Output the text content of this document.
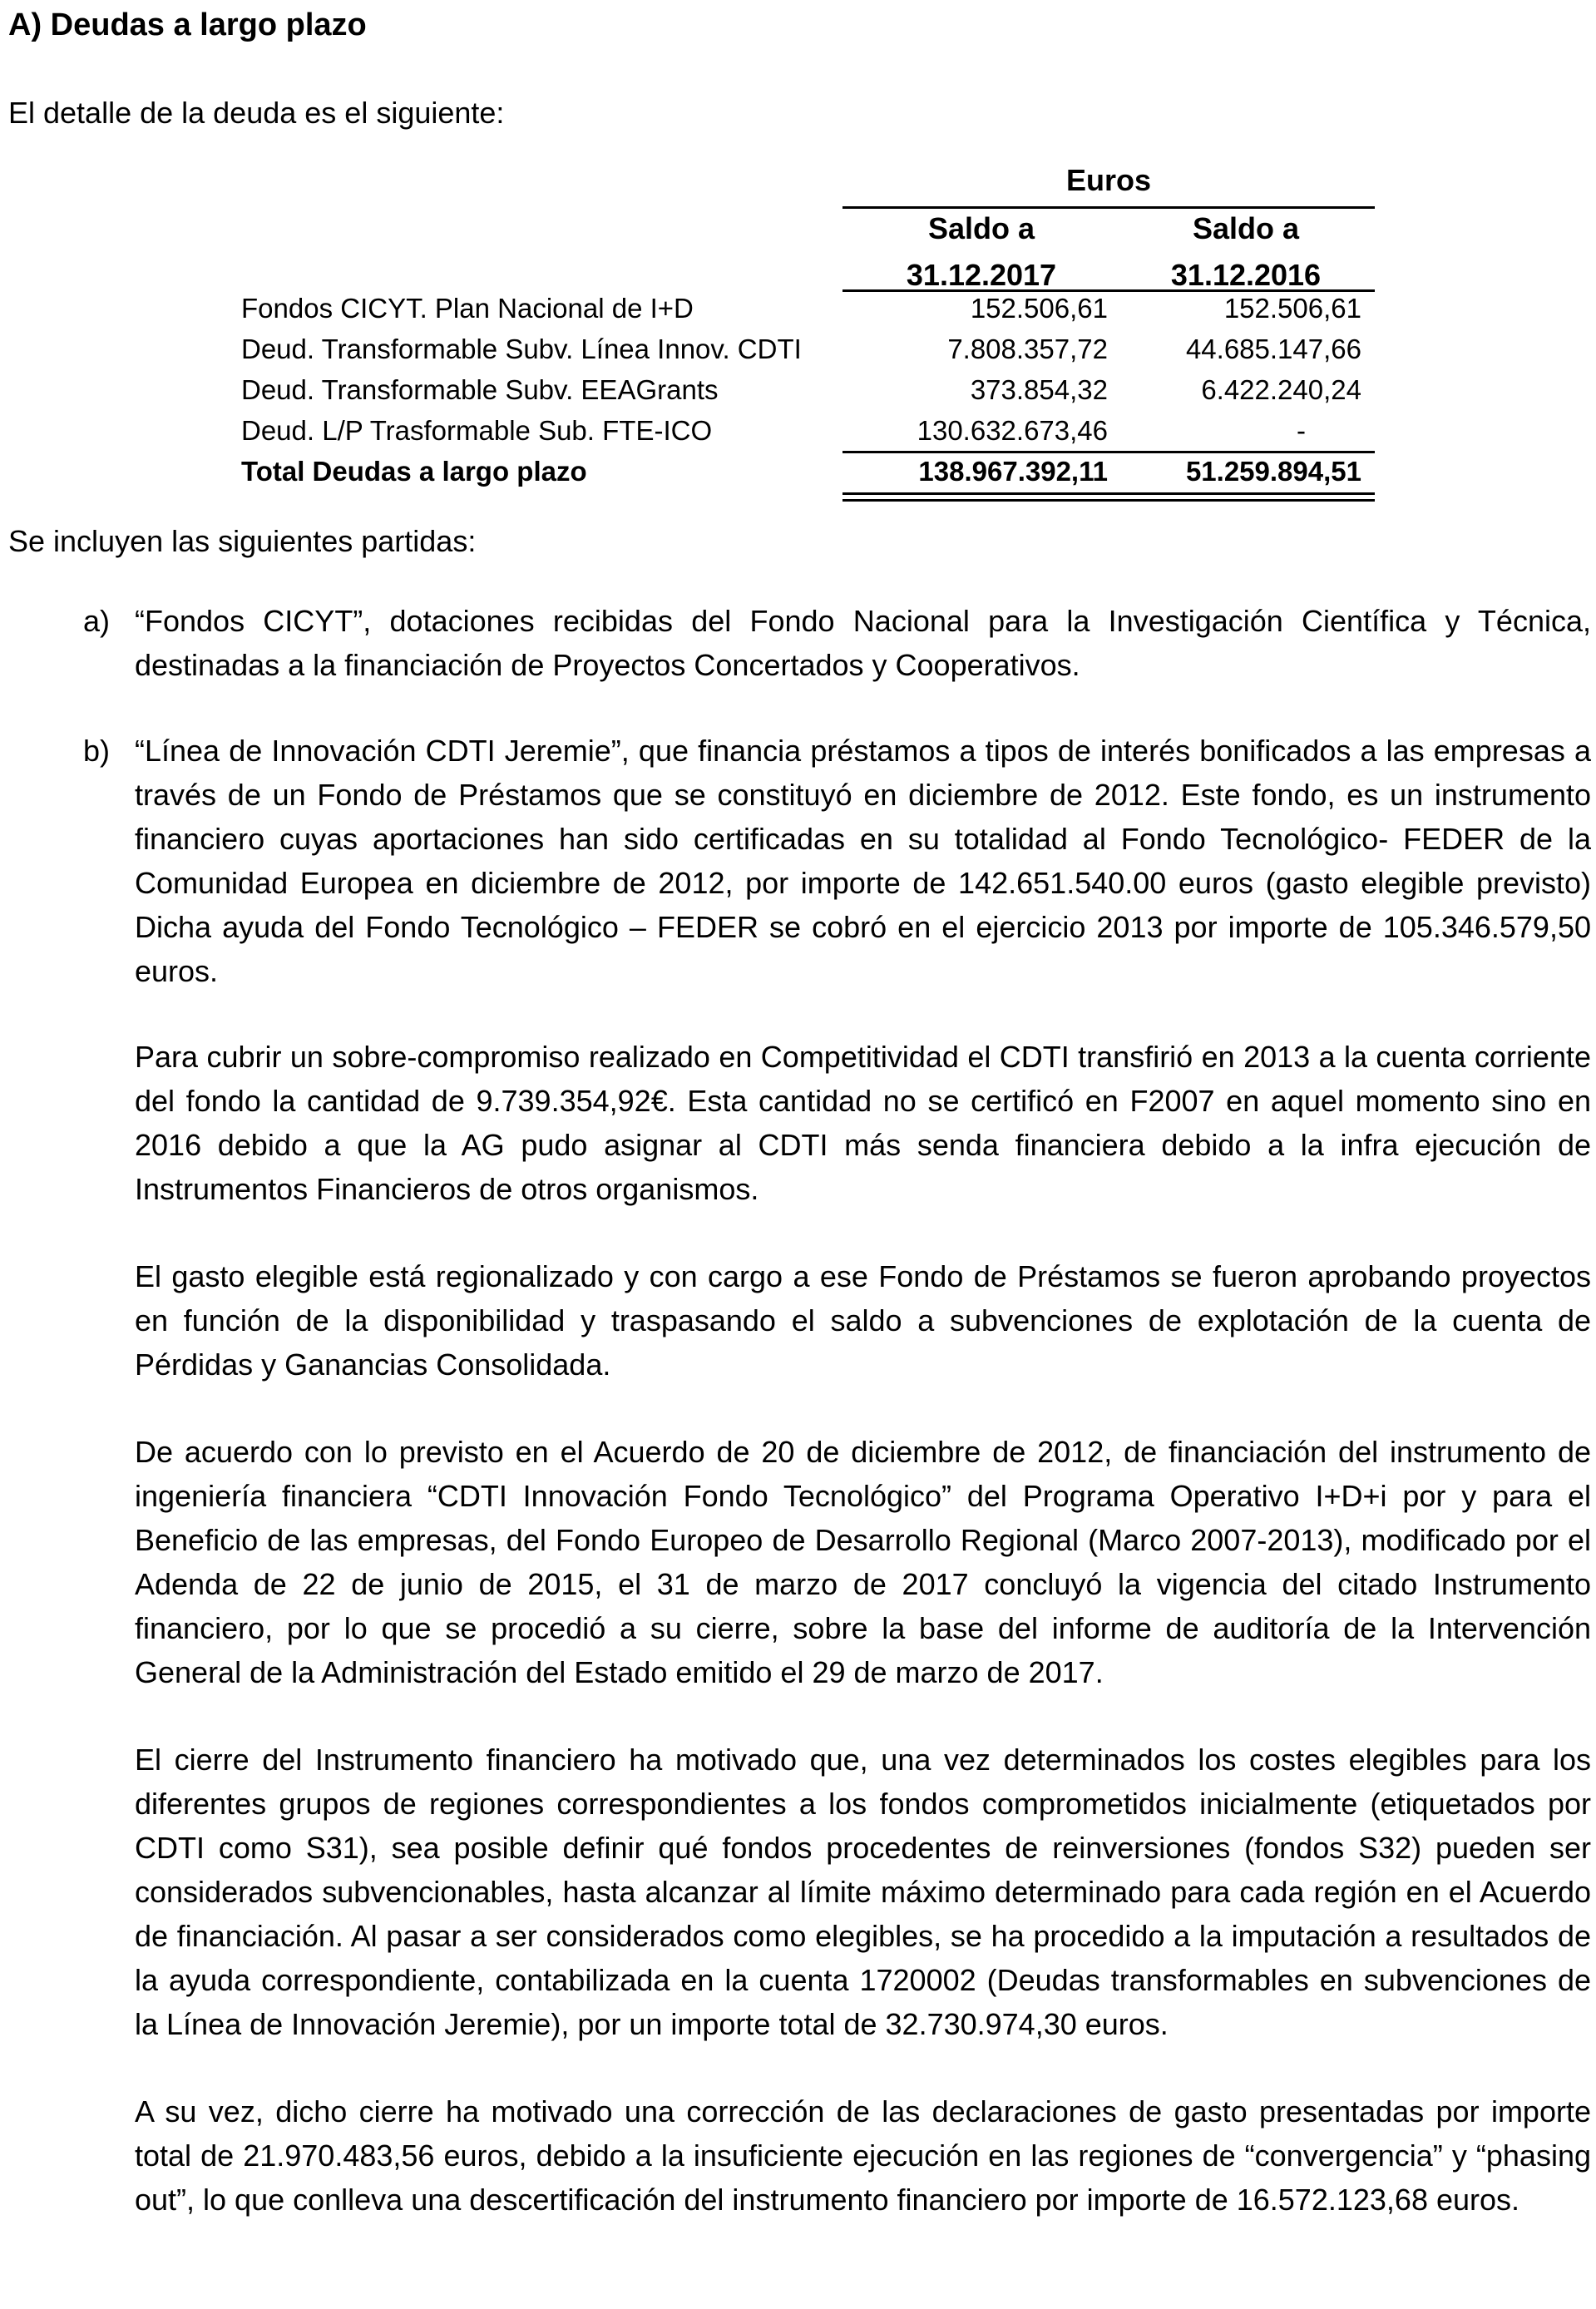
A) Deudas a largo plazo
El detalle de la deuda es el siguiente:
Euros
Saldo a
31.12.2017
Saldo a
31.12.2016
Fondos CICYT. Plan Nacional de I+D	152.506,61	152.506,61
Deud. Transformable Subv. Línea Innov. CDTI	7.808.357,72	44.685.147,66
Deud. Transformable Subv. EEAGrants	373.854,32	6.422.240,24
Deud. L/P Trasformable Sub. FTE-ICO	130.632.673,46	-
Total Deudas a largo plazo	138.967.392,11	51.259.894,51
Se incluyen las siguientes partidas:
a) “Fondos CICYT”, dotaciones recibidas del Fondo Nacional para la Investigación Científica y Técnica, destinadas a la financiación de Proyectos Concertados y Cooperativos.
b) “Línea de Innovación CDTI Jeremie”, que financia préstamos a tipos de interés bonificados a las empresas a través de un Fondo de Préstamos que se constituyó en diciembre de 2012. Este fondo, es un instrumento financiero cuyas aportaciones han sido certificadas en su totalidad al Fondo Tecnológico- FEDER de la Comunidad Europea en diciembre de 2012, por importe de 142.651.540.00 euros (gasto elegible previsto) Dicha ayuda del Fondo Tecnológico – FEDER se cobró en el ejercicio 2013 por importe de 105.346.579,50 euros.
Para cubrir un sobre-compromiso realizado en Competitividad el CDTI transfirió en 2013 a la cuenta corriente del fondo la cantidad de 9.739.354,92€. Esta cantidad no se certificó en F2007 en aquel momento sino en 2016 debido a que la AG pudo asignar al CDTI más senda financiera debido a la infra ejecución de Instrumentos Financieros de otros organismos.
El gasto elegible está regionalizado y con cargo a ese Fondo de Préstamos se fueron aprobando proyectos en función de la disponibilidad y traspasando el saldo a subvenciones de explotación de la cuenta de Pérdidas y Ganancias Consolidada.
De acuerdo con lo previsto en el Acuerdo de 20 de diciembre de 2012, de financiación del instrumento de ingeniería financiera “CDTI Innovación Fondo Tecnológico” del Programa Operativo I+D+i por y para el Beneficio de las empresas, del Fondo Europeo de Desarrollo Regional (Marco 2007-2013), modificado por el Adenda de 22 de junio de 2015, el 31 de marzo de 2017 concluyó la vigencia del citado Instrumento financiero, por lo que se procedió a su cierre, sobre la base del informe de auditoría de la Intervención General de la Administración del Estado emitido el 29 de marzo de 2017.
El cierre del Instrumento financiero ha motivado que, una vez determinados los costes elegibles para los diferentes grupos de regiones correspondientes a los fondos comprometidos inicialmente (etiquetados por CDTI como S31), sea posible definir qué fondos procedentes de reinversiones (fondos S32) pueden ser considerados subvencionables, hasta alcanzar al límite máximo determinado para cada región en el Acuerdo de financiación. Al pasar a ser considerados como elegibles, se ha procedido a la imputación a resultados de la ayuda correspondiente, contabilizada en la cuenta 1720002 (Deudas transformables en subvenciones de la Línea de Innovación Jeremie), por un importe total de 32.730.974,30 euros.
A su vez, dicho cierre ha motivado una corrección de las declaraciones de gasto presentadas por importe total de 21.970.483,56 euros, debido a la insuficiente ejecución en las regiones de “convergencia” y “phasing out”, lo que conlleva una descertificación del instrumento financiero por importe de 16.572.123,68 euros.
